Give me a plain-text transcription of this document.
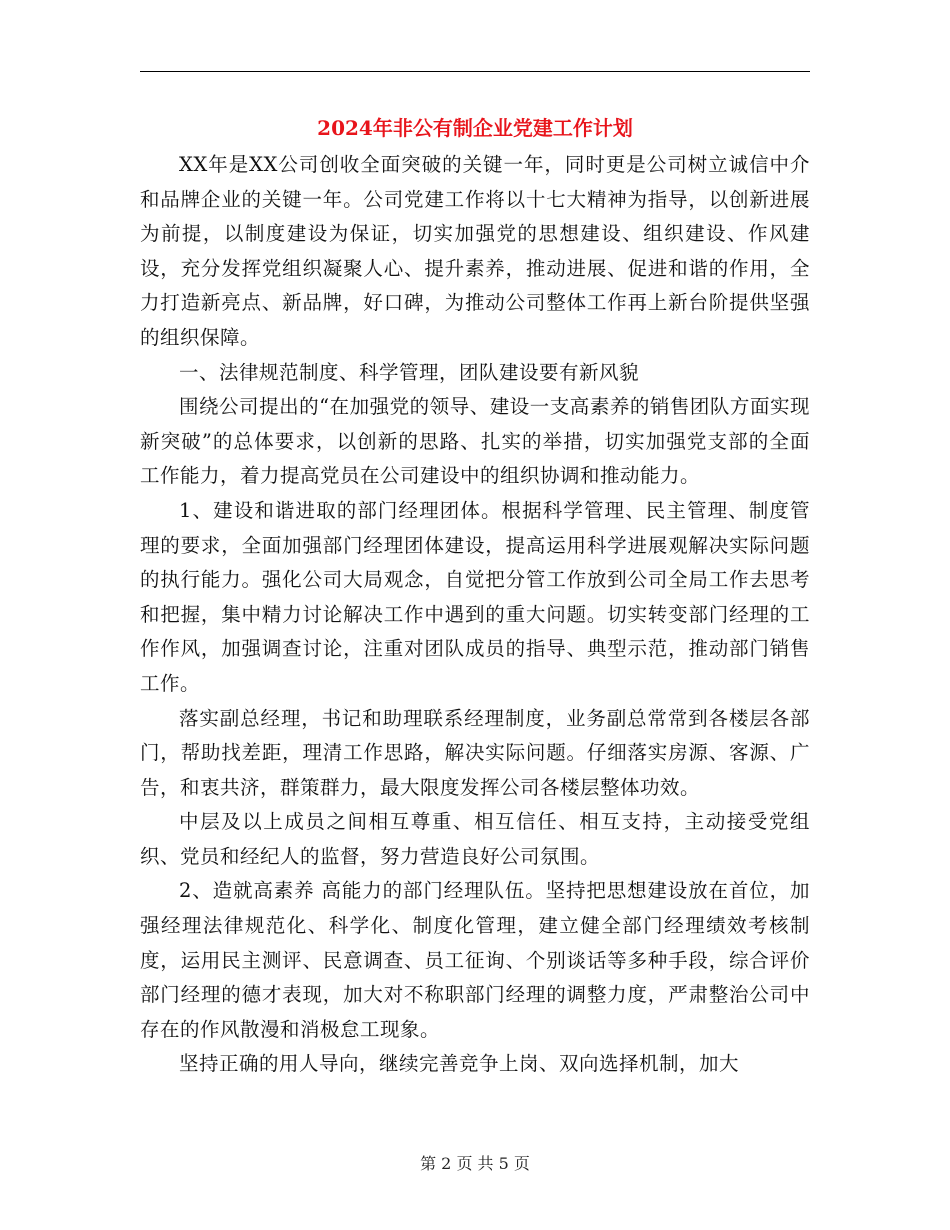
2024年非公有制企业党建工作计划

XX年是XX公司创收全面突破的关键一年，同时更是公司树立诚信中介和品牌企业的关键一年。公司党建工作将以十七大精神为指导，以创新进展为前提，以制度建设为保证，切实加强党的思想建设、组织建设、作风建设，充分发挥党组织凝聚人心、提升素养，推动进展、促进和谐的作用，全力打造新亮点、新品牌，好口碑，为推动公司整体工作再上新台阶提供坚强的组织保障。

一、法律规范制度、科学管理，团队建设要有新风貌

围绕公司提出的“在加强党的领导、建设一支高素养的销售团队方面实现新突破”的总体要求，以创新的思路、扎实的举措，切实加强党支部的全面工作能力，着力提高党员在公司建设中的组织协调和推动能力。

1、建设和谐进取的部门经理团体。根据科学管理、民主管理、制度管理的要求，全面加强部门经理团体建设，提高运用科学进展观解决实际问题的执行能力。强化公司大局观念，自觉把分管工作放到公司全局工作去思考和把握，集中精力讨论解决工作中遇到的重大问题。切实转变部门经理的工作作风，加强调查讨论，注重对团队成员的指导、典型示范，推动部门销售工作。

落实副总经理，书记和助理联系经理制度，业务副总常常到各楼层各部门，帮助找差距，理清工作思路，解决实际问题。仔细落实房源、客源、广告，和衷共济，群策群力，最大限度发挥公司各楼层整体功效。

中层及以上成员之间相互尊重、相互信任、相互支持，主动接受党组织、党员和经纪人的监督，努力营造良好公司氛围。

2、造就高素养 高能力的部门经理队伍。坚持把思想建设放在首位，加强经理法律规范化、科学化、制度化管理，建立健全部门经理绩效考核制度，运用民主测评、民意调查、员工征询、个别谈话等多种手段，综合评价部门经理的德才表现，加大对不称职部门经理的调整力度，严肃整治公司中存在的作风散漫和消极怠工现象。

坚持正确的用人导向，继续完善竞争上岗、双向选择机制，加大

第 2 页 共 5 页
